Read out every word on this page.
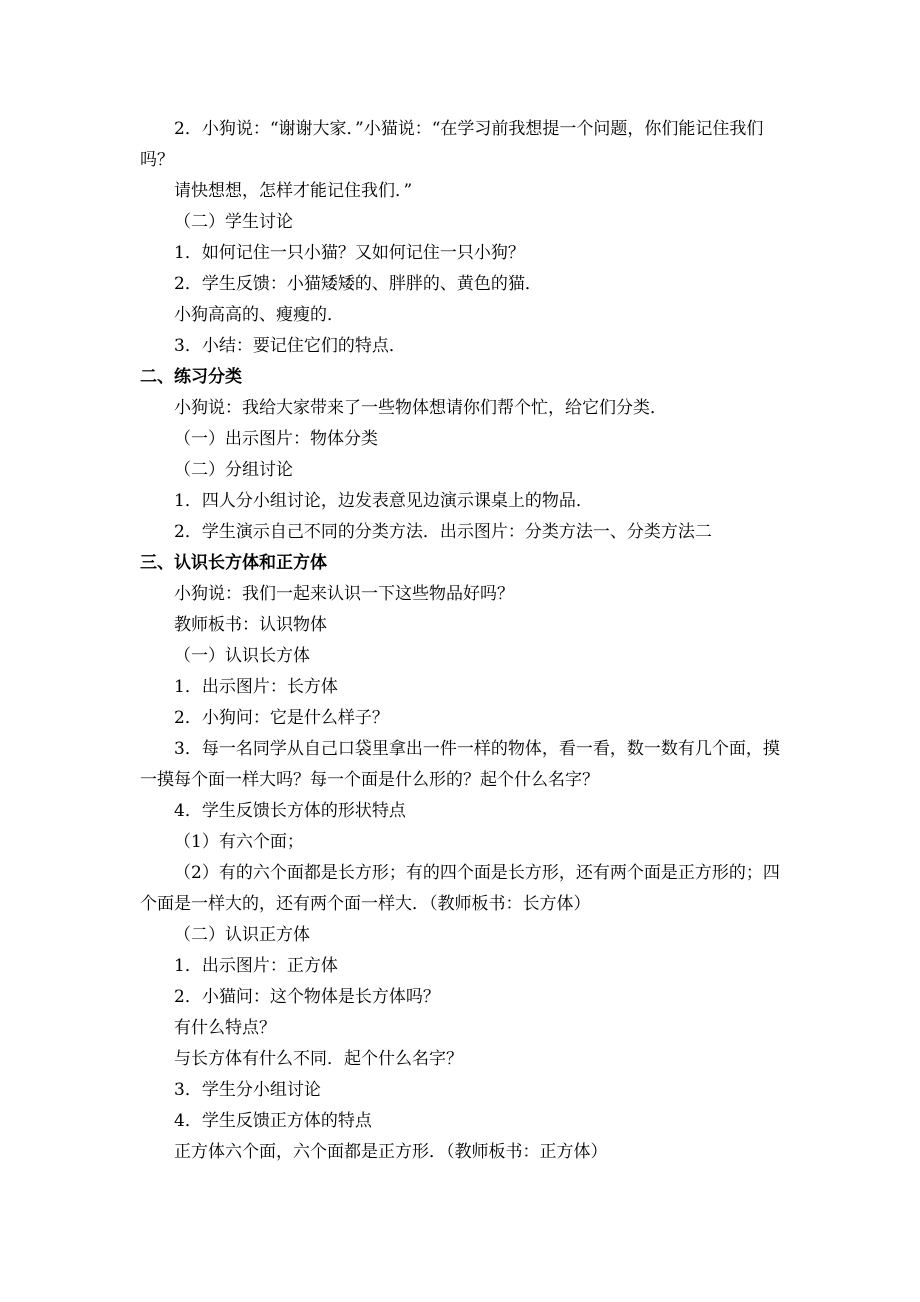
2．小狗说：“谢谢大家．”小猫说：“在学习前我想提一个问题，你们能记住我们吗？

请快想想，怎样才能记住我们．”

（二）学生讨论

1．如何记住一只小猫？又如何记住一只小狗？

2．学生反馈：小猫矮矮的、胖胖的、黄色的猫．

小狗高高的、瘦瘦的．

3．小结：要记住它们的特点．

二、练习分类

小狗说：我给大家带来了一些物体想请你们帮个忙，给它们分类．

（一）出示图片：物体分类

（二）分组讨论

1．四人分小组讨论，边发表意见边演示课桌上的物品．

2．学生演示自己不同的分类方法．出示图片：分类方法一、分类方法二

三、认识长方体和正方体

小狗说：我们一起来认识一下这些物品好吗？

教师板书：认识物体

（一）认识长方体

1．出示图片：长方体

2．小狗问：它是什么样子？

3．每一名同学从自己口袋里拿出一件一样的物体，看一看，数一数有几个面，摸一摸每个面一样大吗？每一个面是什么形的？起个什么名字？

4．学生反馈长方体的形状特点

（1）有六个面；

（2）有的六个面都是长方形；有的四个面是长方形，还有两个面是正方形的；四个面是一样大的，还有两个面一样大．（教师板书：长方体）

（二）认识正方体

1．出示图片：正方体

2．小猫问：这个物体是长方体吗？

有什么特点？

与长方体有什么不同．起个什么名字？

3．学生分小组讨论

4．学生反馈正方体的特点

正方体六个面，六个面都是正方形．（教师板书：正方体）
